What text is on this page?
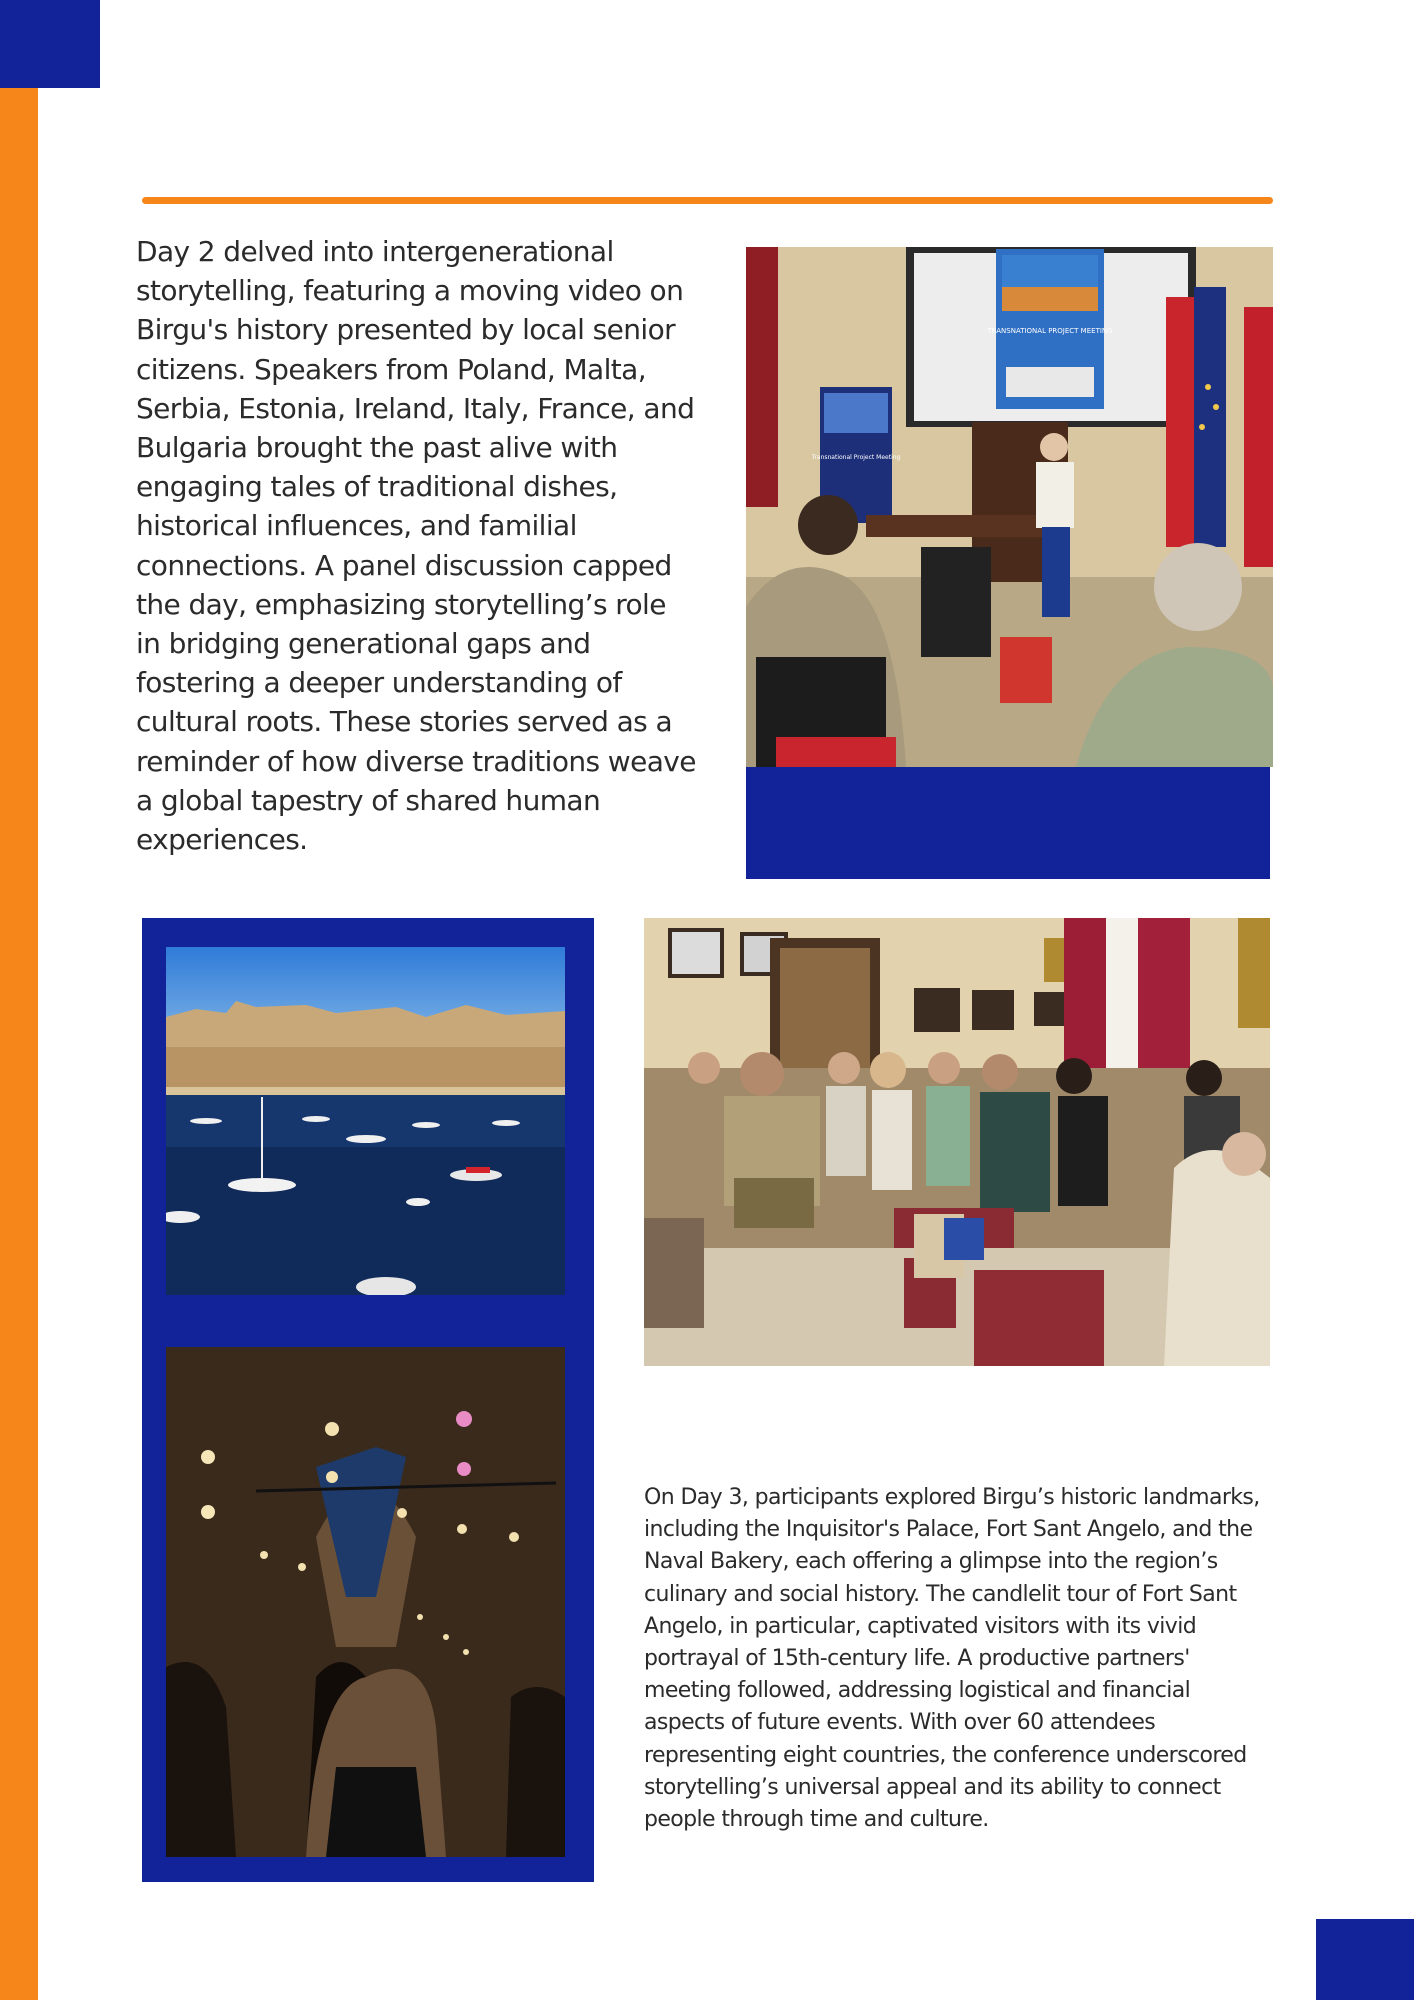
Day 2 delved into intergenerational storytelling, featuring a moving video on Birgu's history presented by local senior citizens. Speakers from Poland, Malta, Serbia, Estonia, Ireland, Italy, France, and Bulgaria brought the past alive with engaging tales of traditional dishes, historical influences, and familial connections. A panel discussion capped the day, emphasizing storytelling’s role in bridging generational gaps and fostering a deeper understanding of cultural roots. These stories served as a reminder of how diverse traditions weave a global tapestry of shared human experiences.

TRANSNATIONAL PROJECT MEETING
Transnational Project Meeting

On Day 3, participants explored Birgu’s historic landmarks, including the Inquisitor's Palace, Fort Sant Angelo, and the Naval Bakery, each offering a glimpse into the region’s culinary and social history. The candlelit tour of Fort Sant Angelo, in particular, captivated visitors with its vivid portrayal of 15th-century life. A productive partners' meeting followed, addressing logistical and financial aspects of future events. With over 60 attendees representing eight countries, the conference underscored storytelling’s universal appeal and its ability to connect people through time and culture.
